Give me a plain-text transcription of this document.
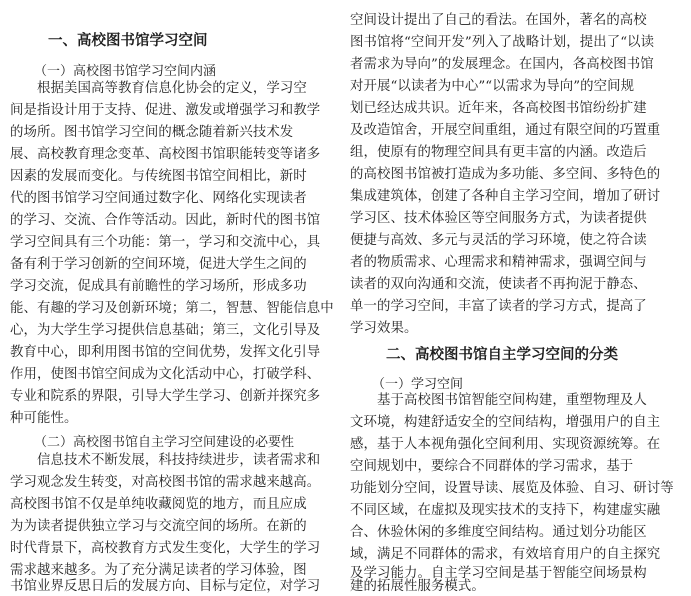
一、高校图书馆学习空间
（一）高校图书馆学习空间内涵
根据美国高等教育信息化协会的定义，学习空
间是指设计用于支持、促进、激发或增强学习和教学
的场所。图书馆学习空间的概念随着新兴技术发
展、高校教育理念变革、高校图书馆职能转变等诸多
因素的发展而变化。与传统图书馆空间相比，新时
代的图书馆学习空间通过数字化、网络化实现读者
的学习、交流、合作等活动。因此，新时代的图书馆
学习空间具有三个功能：第一，学习和交流中心，具
备有利于学习创新的空间环境，促进大学生之间的
学习交流，促成具有前瞻性的学习场所，形成多功
能、有趣的学习及创新环境；第二，智慧、智能信息中
心，为大学生学习提供信息基础；第三，文化引导及
教育中心，即利用图书馆的空间优势，发挥文化引导
作用，使图书馆空间成为文化活动中心，打破学科、
专业和院系的界限，引导大学生学习、创新并探究多
种可能性。
（二）高校图书馆自主学习空间建设的必要性
信息技术不断发展，科技持续进步，读者需求和
学习观念发生转变，对高校图书馆的需求越来越高。
高校图书馆不仅是单纯收藏阅览的地方，而且应成
为为读者提供独立学习与交流空间的场所。在新的
时代背景下，高校教育方式发生变化，大学生的学习
需求越来越多。为了充分满足读者的学习体验，图
书馆业界反思日后的发展方向、目标与定位，对学习
空间设计提出了自己的看法。在国外，著名的高校
图书馆将“空间开发”列入了战略计划，提出了“以读
者需求为导向”的发展理念。在国内，各高校图书馆
对开展“以读者为中心”“以需求为导向”的空间规
划已经达成共识。近年来，各高校图书馆纷纷扩建
及改造馆舍，开展空间重组，通过有限空间的巧置重
组，使原有的物理空间具有更丰富的内涵。改造后
的高校图书馆被打造成为多功能、多空间、多特色的
集成建筑体，创建了各种自主学习空间，增加了研讨
学习区、技术体验区等空间服务方式，为读者提供
便捷与高效、多元与灵活的学习环境，使之符合读
者的物质需求、心理需求和精神需求，强调空间与
读者的双向沟通和交流，使读者不再拘泥于静态、
单一的学习空间，丰富了读者的学习方式，提高了
学习效果。
二、高校图书馆自主学习空间的分类
（一）学习空间
基于高校图书馆智能空间构建，重塑物理及人
文环境，构建舒适安全的空间结构，增强用户的自主
感，基于人本视角强化空间利用、实现资源统筹。在
空间规划中，要综合不同群体的学习需求，基于
功能划分空间，设置导读、展览及体验、自习、研讨等
不同区域，在虚拟及现实技术的支持下，构建虚实融
合、休验休闲的多维度空间结构。通过划分功能区
域，满足不同群体的需求，有效培育用户的自主探究
及学习能力。自主学习空间是基于智能空间场景构
建的拓展性服务模式。
